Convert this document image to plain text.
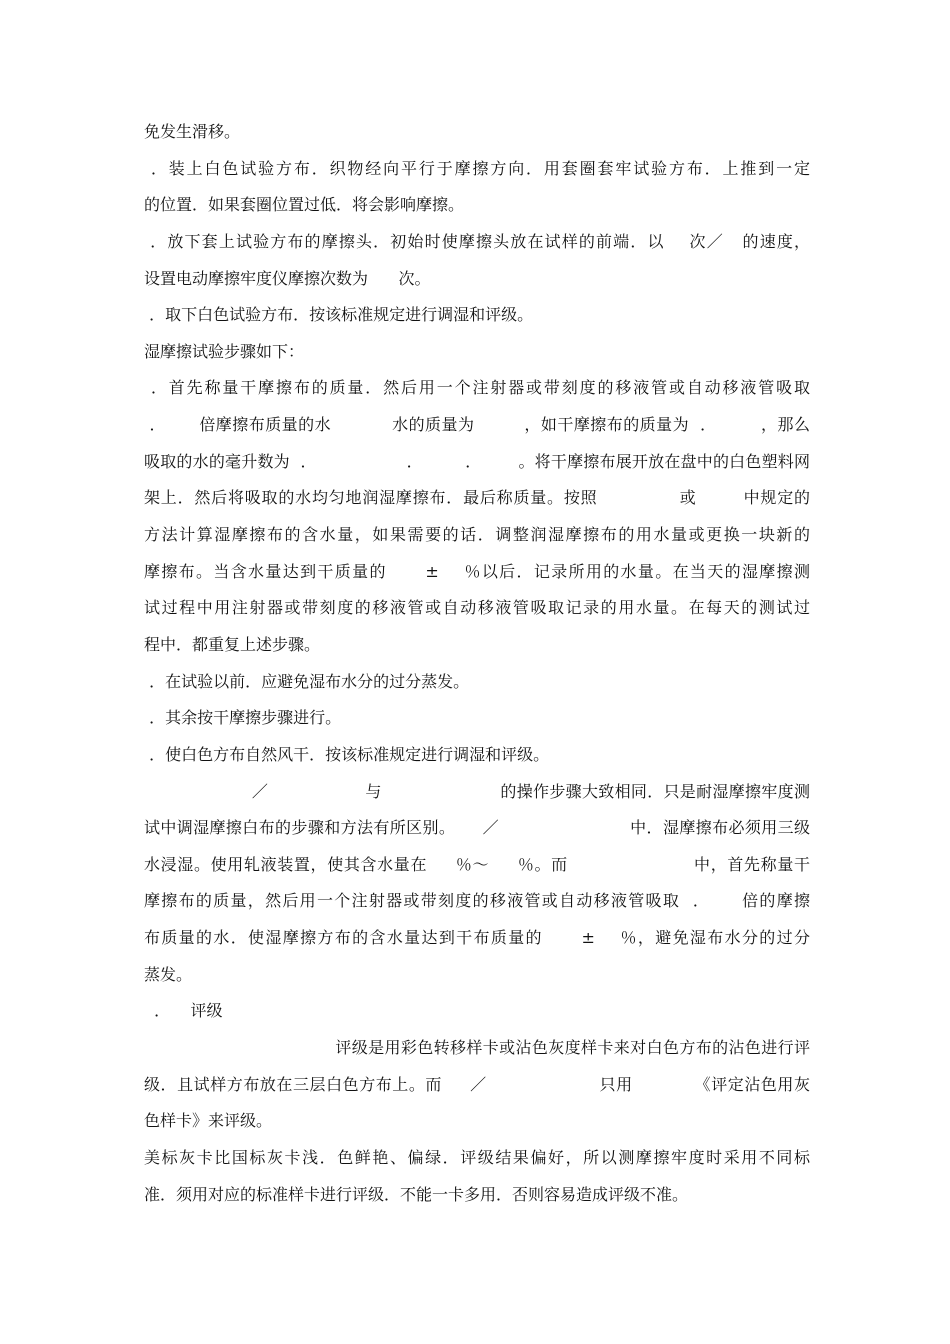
免发生滑移。
．装上白色试验方布．织物经向平行于摩擦方向．用套圈套牢试验方布．上推到一定
的位置．如果套圈位置过低．将会影响摩擦。
．放下套上试验方布的摩擦头．初始时使摩擦头放在试样的前端．以    次／   的速度，
设置电动摩擦牢度仪摩擦次数为      次。
．取下白色试验方布．按该标准规定进行调湿和评级。
湿摩擦试验步骤如下：
．首先称量干摩擦布的质量．然后用一个注射器或带刻度的移液管或自动移液管吸取
．      倍摩擦布质量的水           水的质量为         ，如干摩擦布的质量为  ．        ，那么
吸取的水的毫升数为  ．                 ．        ．       。将干摩擦布展开放在盘中的白色塑料网
架上．然后将吸取的水均匀地润湿摩擦布．最后称质量。按照              或        中规定的
方法计算湿摩擦布的含水量，如果需要的话．调整润湿摩擦布的用水量或更换一块新的
摩擦布。当含水量达到干质量的      ±    ％以后．记录所用的水量。在当天的湿摩擦测
试过程中用注射器或带刻度的移液管或自动移液管吸取记录的用水量。在每天的测试过
程中．都重复上述步骤。
．在试验以前．应避免湿布水分的过分蒸发。
．其余按干摩擦步骤进行。
．使白色方布自然风干．按该标准规定进行调湿和评级。
／                  与                      的操作步骤大致相同．只是耐湿摩擦牢度测
试中调湿摩擦白布的步骤和方法有所区别。     ／                        中．湿摩擦布必须用三级
水浸湿。使用轧液装置，使其含水量在     ％～     ％。而                      中，首先称量干
摩擦布的质量，然后用一个注射器或带刻度的移液管或自动移液管吸取  ．     倍的摩擦
布质量的水．使湿摩擦方布的含水量达到干布质量的      ±    ％，避免湿布水分的过分
蒸发。
．    评级
评级是用彩色转移样卡或沾色灰度样卡来对白色方布的沾色进行评
级．且试样方布放在三层白色方布上。而     ／                    只用           《评定沾色用灰
色样卡》来评级。
美标灰卡比国标灰卡浅．色鲜艳、偏绿．评级结果偏好，所以测摩擦牢度时采用不同标
准．须用对应的标准样卡进行评级．不能一卡多用．否则容易造成评级不准。
